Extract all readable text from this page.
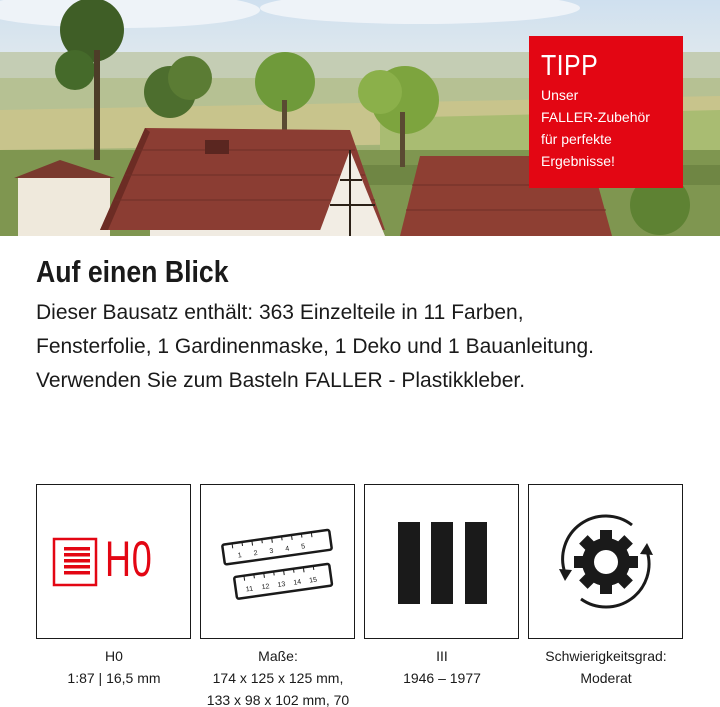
TIPP
Unser
FALLER-Zubehör
für perfekte
Ergebnisse!
Auf einen Blick
Dieser Bausatz enthält: 363 Einzelteile in 11 Farben,
Fensterfolie, 1 Gardinenmaske, 1 Deko und 1 Bauanleitung.
Verwenden Sie zum Basteln FALLER - Plastikkleber.
H0
H0
1:87 | 16,5 mm
1 2 3 4 5
11 12 13 14 15
Maße:
174 x 125 x 125 mm,
133 x 98 x 102 mm, 70
III
1946 – 1977
Schwierigkeitsgrad:
Moderat
